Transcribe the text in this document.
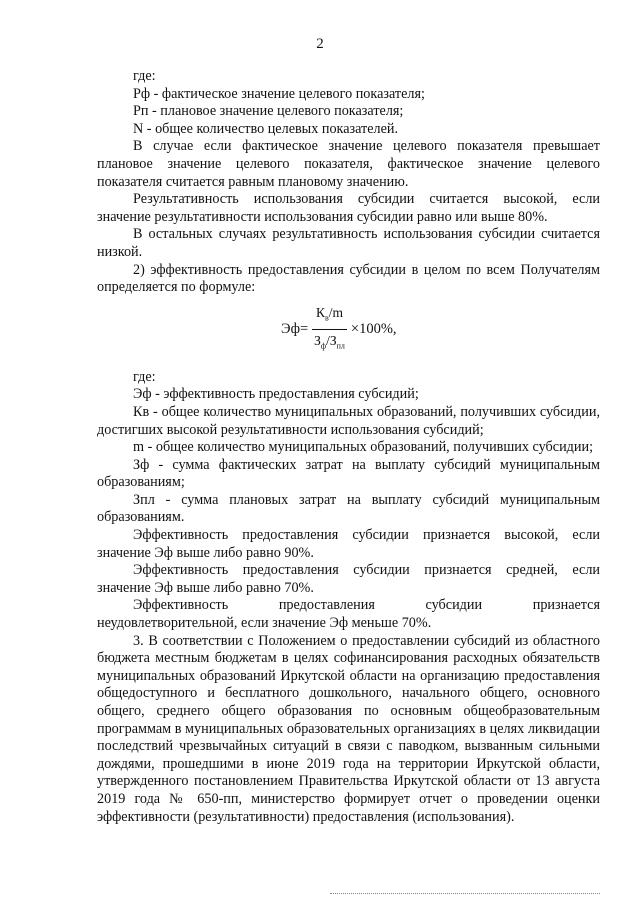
2

где:

Рф - фактическое значение целевого показателя;

Рп - плановое значение целевого показателя;

N - общее количество целевых показателей.

В случае если фактическое значение целевого показателя превышает плановое значение целевого показателя, фактическое значение целевого показателя считается равным плановому значению.

Результативность использования субсидии считается высокой, если значение результативности использования субсидии равно или выше 80%.

В остальных случаях результативность использования субсидии считается низкой.

2) эффективность предоставления субсидии в целом по всем Получателям определяется по формуле:

Эф = $\frac{К_в/m}{З_ф/З_{пл}} \times 100\%$,

где:

Эф - эффективность предоставления субсидий;

Кв - общее количество муниципальных образований, получивших субсидии, достигших высокой результативности использования субсидий;

m - общее количество муниципальных образований, получивших субсидии;

Зф - сумма фактических затрат на выплату субсидий муниципальным образованиям;

Зпл - сумма плановых затрат на выплату субсидий муниципальным образованиям.

Эффективность предоставления субсидии признается высокой, если значение Эф выше либо равно 90%.

Эффективность предоставления субсидии признается средней, если значение Эф выше либо равно 70%.

Эффективность предоставления субсидии признается неудовлетворительной, если значение Эф меньше 70%.

3. В соответствии с Положением о предоставлении субсидий из областного бюджета местным бюджетам в целях софинансирования расходных обязательств муниципальных образований Иркутской области на организацию предоставления общедоступного и бесплатного дошкольного, начального общего, основного общего, среднего общего образования по основным общеобразовательным программам в муниципальных образовательных организациях в целях ликвидации последствий чрезвычайных ситуаций в связи с паводком, вызванным сильными дождями, прошедшими в июне 2019 года на территории Иркутской области, утвержденного постановлением Правительства Иркутской области от 13 августа 2019 года № 650-пп, министерство формирует отчет о проведении оценки эффективности (результативности) предоставления (использования).
